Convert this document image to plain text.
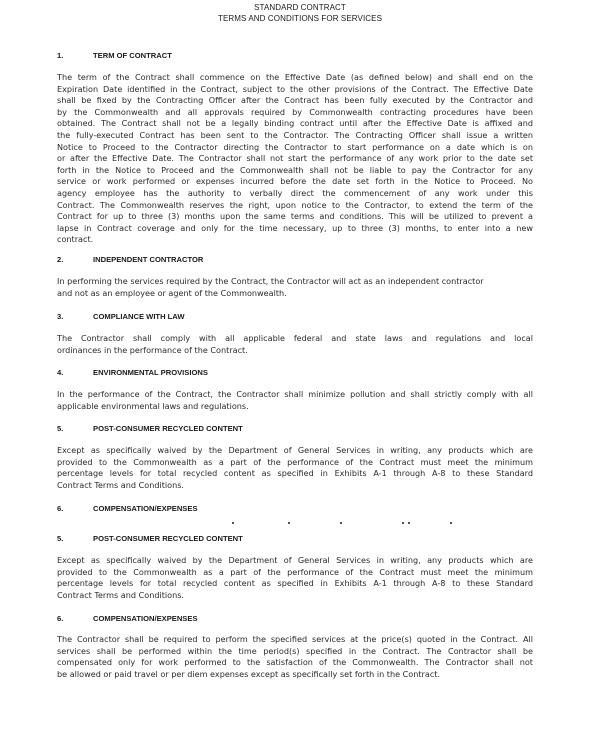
STANDARD CONTRACT
TERMS AND CONDITIONS FOR SERVICES
1.	TERM OF CONTRACT
The term of the Contract shall commence on the Effective Date (as defined below) and shall end on the
Expiration Date identified in the Contract, subject to the other provisions of the Contract. The Effective Date
shall be fixed by the Contracting Officer after the Contract has been fully executed by the Contractor and
by the Commonwealth and all approvals required by Commonwealth contracting procedures have been
obtained. The Contract shall not be a legally binding contract until after the Effective Date is affixed and
the fully-executed Contract has been sent to the Contractor. The Contracting Officer shall issue a written
Notice to Proceed to the Contractor directing the Contractor to start performance on a date which is on
or after the Effective Date. The Contractor shall not start the performance of any work prior to the date set
forth in the Notice to Proceed and the Commonwealth shall not be liable to pay the Contractor for any
service or work performed or expenses incurred before the date set forth in the Notice to Proceed. No
agency employee has the authority to verbally direct the commencement of any work under this
Contract. The Commonwealth reserves the right, upon notice to the Contractor, to extend the term of the
Contract for up to three (3) months upon the same terms and conditions. This will be utilized to prevent a
lapse in Contract coverage and only for the time necessary, up to three (3) months, to enter into a new
contract.
2.	INDEPENDENT CONTRACTOR
In performing the services required by the Contract, the Contractor will act as an independent contractor
and not as an employee or agent of the Commonwealth.
3.	COMPLIANCE WITH LAW
The Contractor shall comply with all applicable federal and state laws and regulations and local
ordinances in the performance of the Contract.
4.	ENVIRONMENTAL PROVISIONS
In the performance of the Contract, the Contractor shall minimize pollution and shall strictly comply with all
applicable environmental laws and regulations.
5.	POST-CONSUMER RECYCLED CONTENT
Except as specifically waived by the Department of General Services in writing, any products which are
provided to the Commonwealth as a part of the performance of the Contract must meet the minimum
percentage levels for total recycled content as specified in Exhibits A-1 through A-8 to these Standard
Contract Terms and Conditions.
6.	COMPENSATION/EXPENSES
5.	POST-CONSUMER RECYCLED CONTENT
Except as specifically waived by the Department of General Services in writing, any products which are
provided to the Commonwealth as a part of the performance of the Contract must meet the minimum
percentage levels for total recycled content as specified in Exhibits A-1 through A-8 to these Standard
Contract Terms and Conditions.
6.	COMPENSATION/EXPENSES
The Contractor shall be required to perform the specified services at the price(s) quoted in the Contract. All
services shall be performed within the time period(s) specified in the Contract. The Contractor shall be
compensated only for work performed to the satisfaction of the Commonwealth. The Contractor shall not
be allowed or paid travel or per diem expenses except as specifically set forth in the Contract.
